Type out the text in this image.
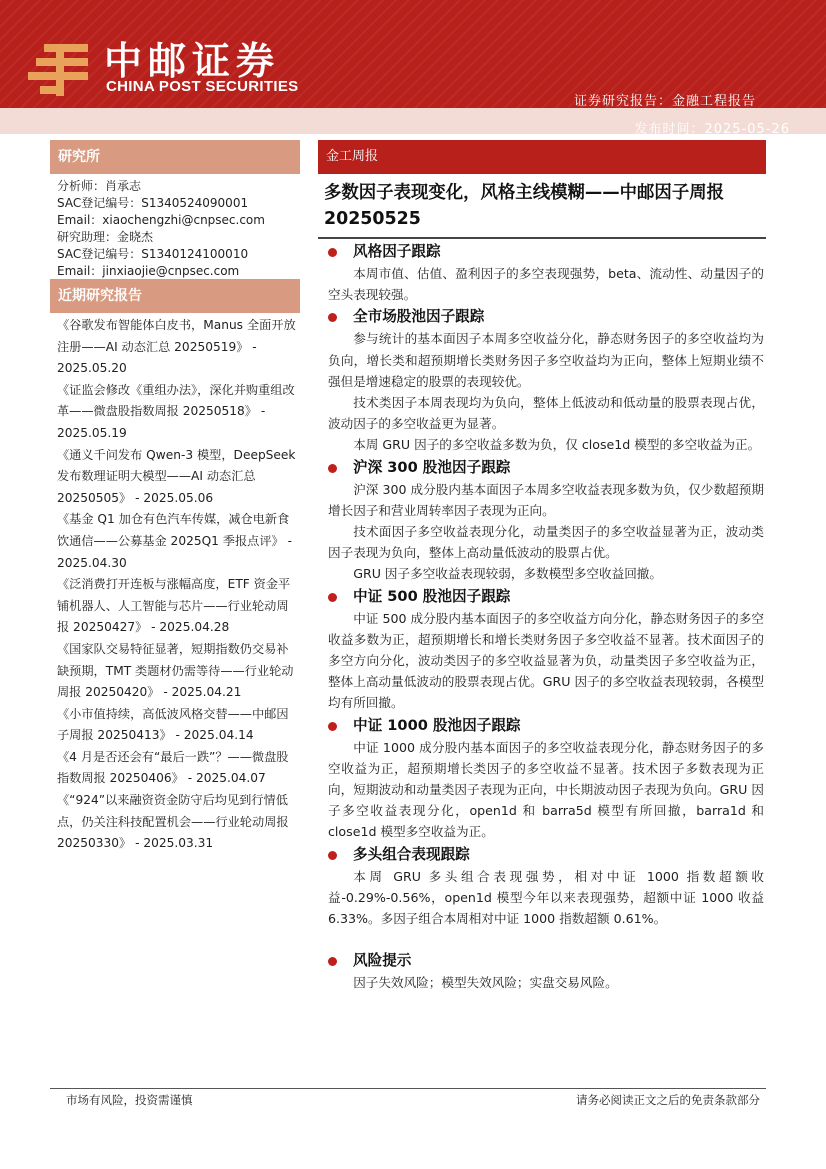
中邮证券
CHINA POST SECURITIES
证券研究报告：金融工程报告
发布时间：2025-05-26
研究所
分析师：肖承志
SAC登记编号：S1340524090001
Email：xiaochengzhi@cnpsec.com
研究助理：金晓杰
SAC登记编号：S1340124100010
Email：jinxiaojie@cnpsec.com
近期研究报告

《谷歌发布智能体白皮书，Manus 全面开放注册——AI 动态汇总 20250519》 - 2025.05.20

《证监会修改《重组办法》，深化并购重组改革——微盘股指数周报 20250518》 - 2025.05.19

《通义千问发布 Qwen-3 模型，DeepSeek 发布数理证明大模型——AI 动态汇总 20250505》 - 2025.05.06

《基金 Q1 加仓有色汽车传媒，减仓电新食饮通信——公募基金 2025Q1 季报点评》 - 2025.04.30

《泛消费打开连板与涨幅高度，ETF 资金平铺机器人、人工智能与芯片——行业轮动周报 20250427》 - 2025.04.28

《国家队交易特征显著，短期指数仍交易补缺预期，TMT 类题材仍需等待——行业轮动周报 20250420》 - 2025.04.21

《小市值持续，高低波风格交替——中邮因子周报 20250413》 - 2025.04.14

《4 月是否还会有“最后一跌”？——微盘股指数周报 20250406》 - 2025.04.07

《“924”以来融资资金防守后均见到行情低点，仍关注科技配置机会——行业轮动周报 20250330》 - 2025.03.31

金工周报
多数因子表现变化，风格主线模糊——中邮因子周报 20250525
风格因子跟踪

本周市值、估值、盈利因子的多空表现强势，beta、流动性、动量因子的空头表现较强。

全市场股池因子跟踪

参与统计的基本面因子本周多空收益分化，静态财务因子的多空收益均为负向，增长类和超预期增长类财务因子多空收益均为正向，整体上短期业绩不强但是增速稳定的股票的表现较优。

技术类因子本周表现均为负向，整体上低波动和低动量的股票表现占优，波动因子的多空收益更为显著。

本周 GRU 因子的多空收益多数为负，仅 close1d 模型的多空收益为正。

沪深 300 股池因子跟踪

沪深 300 成分股内基本面因子本周多空收益表现多数为负，仅少数超预期增长因子和营业周转率因子表现为正向。

技术面因子多空收益表现分化，动量类因子的多空收益显著为正，波动类因子表现为负向，整体上高动量低波动的股票占优。

GRU 因子多空收益表现较弱，多数模型多空收益回撤。

中证 500 股池因子跟踪

中证 500 成分股内基本面因子的多空收益方向分化，静态财务因子的多空收益多数为正，超预期增长和增长类财务因子多空收益不显著。技术面因子的多空方向分化，波动类因子的多空收益显著为负，动量类因子多空收益为正，整体上高动量低波动的股票表现占优。GRU 因子的多空收益表现较弱，各模型均有所回撤。

中证 1000 股池因子跟踪

中证 1000 成分股内基本面因子的多空收益表现分化，静态财务因子的多空收益为正，超预期增长类因子的多空收益不显著。技术因子多数表现为正向，短期波动和动量类因子表现为正向，中长期波动因子表现为负向。GRU 因子多空收益表现分化，open1d 和 barra5d 模型有所回撤，barra1d 和 close1d 模型多空收益为正。

多头组合表现跟踪

本周 GRU 多头组合表现强势，相对中证 1000 指数超额收益-0.29%-0.56%，open1d 模型今年以来表现强势，超额中证 1000 收益 6.33%。多因子组合本周相对中证 1000 指数超额 0.61%。

风险提示

因子失效风险；模型失效风险；实盘交易风险。

市场有风险，投资需谨慎	请务必阅读正文之后的免责条款部分
